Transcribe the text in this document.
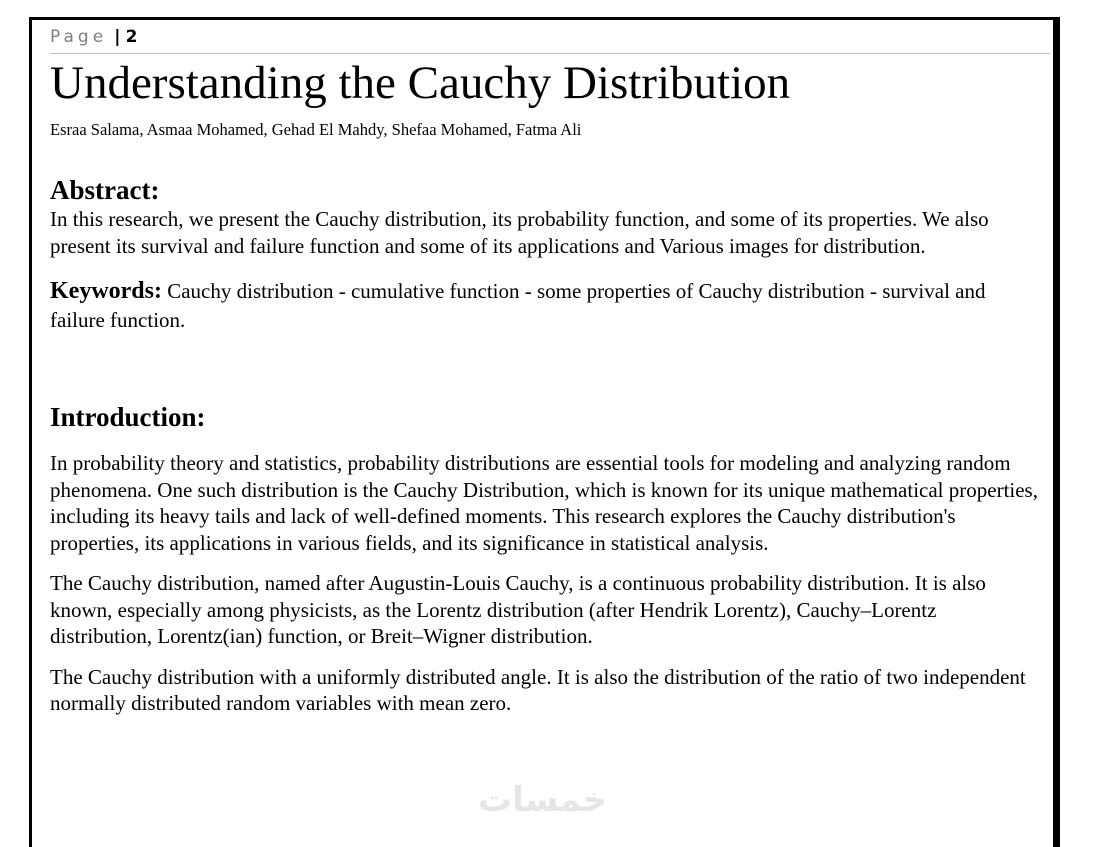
Page | 2
Understanding the Cauchy Distribution
Esraa Salama, Asmaa Mohamed, Gehad El Mahdy, Shefaa Mohamed, Fatma Ali
Abstract:

In this research, we present the Cauchy distribution, its probability function, and some of its properties. We also present its survival and failure function and some of its applications and Various images for distribution.

Keywords: Cauchy distribution - cumulative function - some properties of Cauchy distribution - survival and failure function.

Introduction:

In probability theory and statistics, probability distributions are essential tools for modeling and analyzing random phenomena. One such distribution is the Cauchy Distribution, which is known for its unique mathematical properties, including its heavy tails and lack of well-defined moments. This research explores the Cauchy distribution's properties, its applications in various fields, and its significance in statistical analysis.

The Cauchy distribution, named after Augustin-Louis Cauchy, is a continuous probability distribution. It is also known, especially among physicists, as the Lorentz distribution (after Hendrik Lorentz), Cauchy–Lorentz distribution, Lorentz(ian) function, or Breit–Wigner distribution.

The Cauchy distribution with a uniformly distributed angle. It is also the distribution of the ratio of two independent normally distributed random variables with mean zero.

خمسات
